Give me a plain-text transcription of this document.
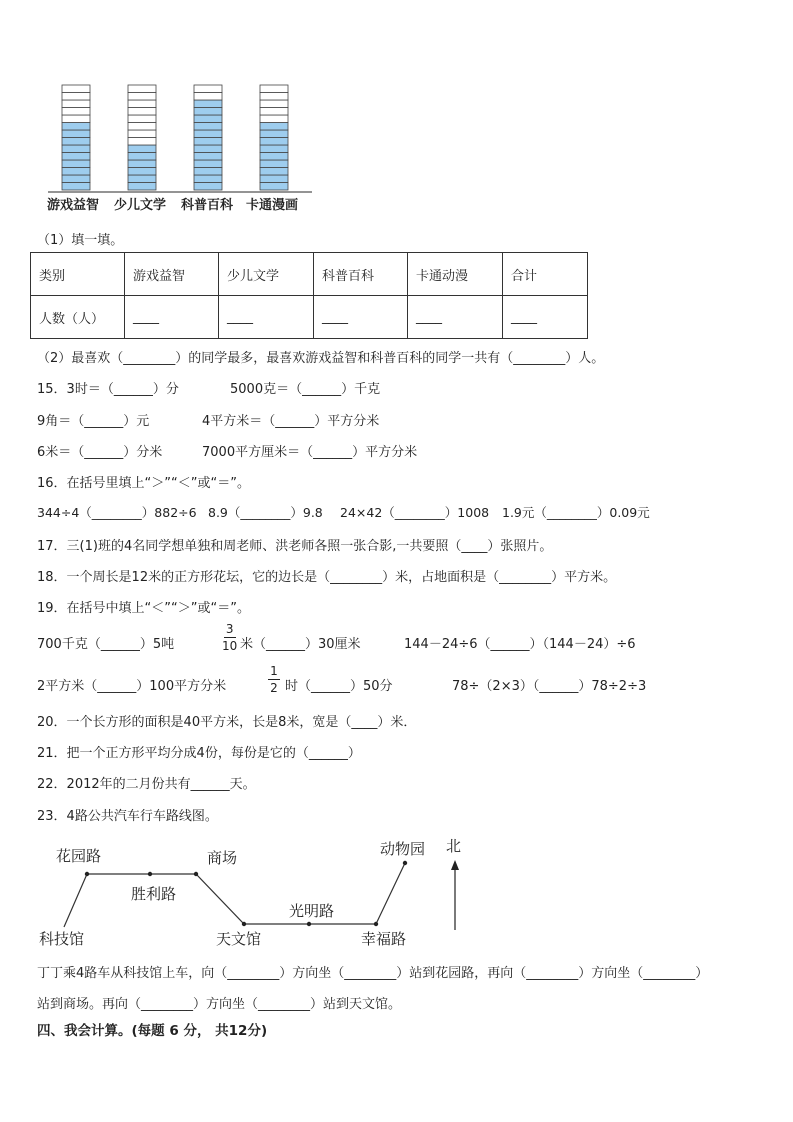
游戏益智 少儿文学 科普百科 卡通漫画
（1）填一填。
类别	游戏益智	少儿文学	科普百科	卡通动漫	合计
人数（人）	____	____	____	____	____
（2）最喜欢（________）的同学最多，最喜欢游戏益智和科普百科的同学一共有（________）人。
15．3时＝（______）分	5000克＝（______）千克
9角＝（______）元	4平方米＝（______）平方分米
6米＝（______）分米	7000平方厘米＝（______）平方分米
16．在括号里填上“＞”“＜”或“＝”。
344÷4（________）882÷6 8.9（________）9.8 24×42（________）1008 1.9元（________）0.09元
17．三(1)班的4名同学想单独和周老师、洪老师各照一张合影,一共要照（____）张照片。
18．一个周长是12米的正方形花坛，它的边长是（________）米，占地面积是（________）平方米。
19．在括号中填上“＜”“＞”或“＝”。
700千克（______）5吨
3
10 米（______）30厘米	144－24÷6（______）（144－24）÷6
2平方米（______）100平方分米
1
2 时（______）50分	78÷（2×3）（______）78÷2÷3
20．一个长方形的面积是40平方米，长是8米，宽是（____）米．
21．把一个正方形平均分成4份，每份是它的（______）
22．2012年的二月份共有______天。
23．4路公共汽车行车路线图。
花园路
胜利路
商场
科技馆	天文馆
光明路
幸福路
动物园 北
丁丁乘4路车从科技馆上车，向（________）方向坐（________）站到花园路，再向（________）方向坐（________）
站到商场。再向（________）方向坐（________）站到天文馆。
四、我会计算。(每题 6 分， 共12分)
